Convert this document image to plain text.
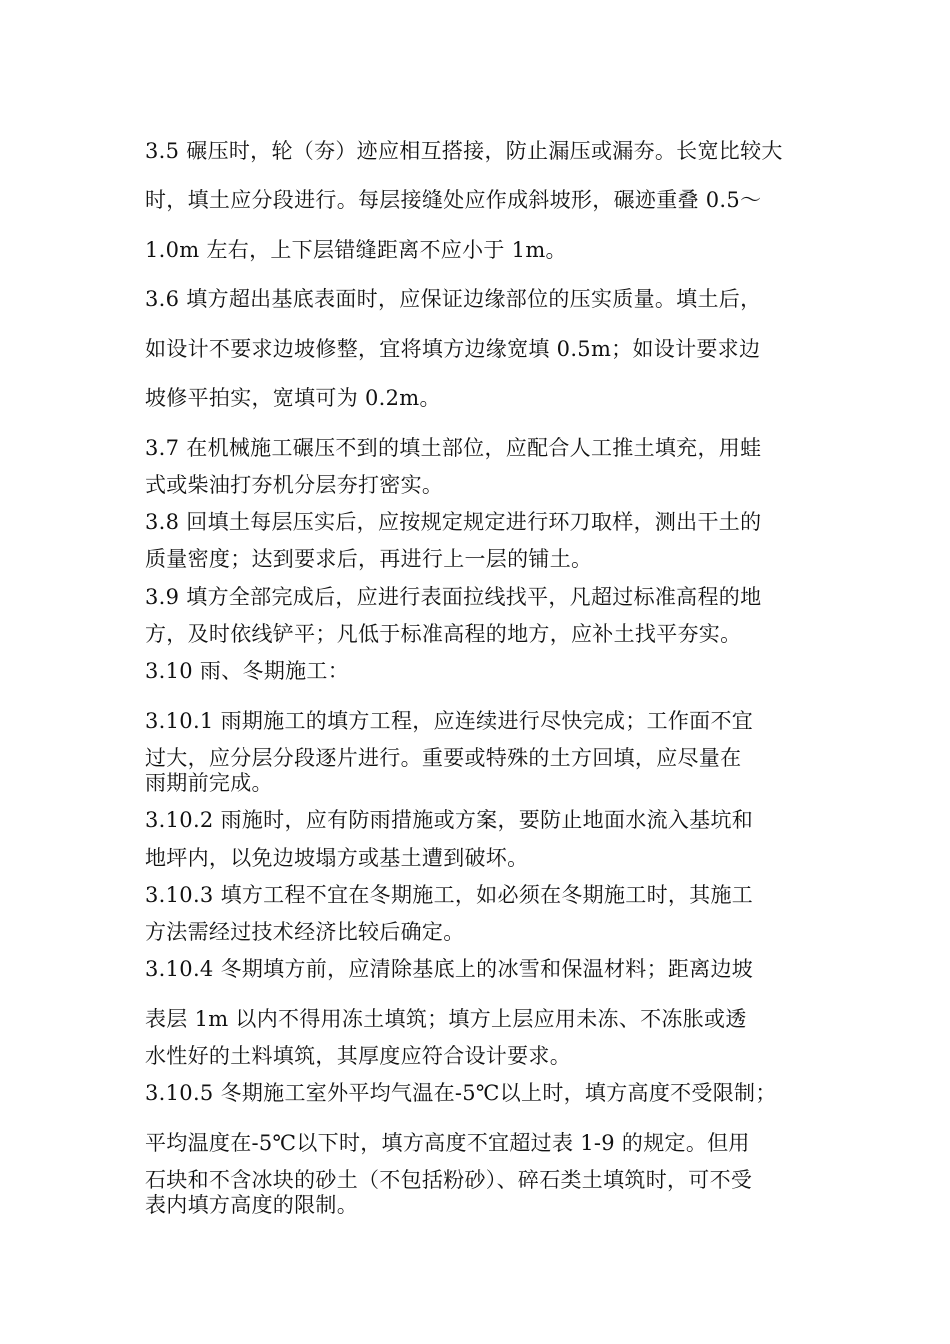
3.5 碾压时，轮（夯）迹应相互搭接，防止漏压或漏夯。长宽比较大
时，填土应分段进行。每层接缝处应作成斜坡形，碾迹重叠 0.5～
1.0m 左右，上下层错缝距离不应小于 1m。
3.6 填方超出基底表面时，应保证边缘部位的压实质量。填土后，
如设计不要求边坡修整，宜将填方边缘宽填 0.5m；如设计要求边
坡修平拍实，宽填可为 0.2m。
3.7 在机械施工碾压不到的填土部位，应配合人工推土填充，用蛙
式或柴油打夯机分层夯打密实。
3.8 回填土每层压实后，应按规定规定进行环刀取样，测出干土的
质量密度；达到要求后，再进行上一层的铺土。
3.9 填方全部完成后，应进行表面拉线找平，凡超过标准高程的地
方，及时依线铲平；凡低于标准高程的地方，应补土找平夯实。
3.10 雨、冬期施工：
3.10.1 雨期施工的填方工程，应连续进行尽快完成；工作面不宜
过大，应分层分段逐片进行。重要或特殊的土方回填，应尽量在
雨期前完成。
3.10.2 雨施时，应有防雨措施或方案，要防止地面水流入基坑和
地坪内，以免边坡塌方或基土遭到破坏。
3.10.3 填方工程不宜在冬期施工，如必须在冬期施工时，其施工
方法需经过技术经济比较后确定。
3.10.4 冬期填方前，应清除基底上的冰雪和保温材料；距离边坡
表层 1m 以内不得用冻土填筑；填方上层应用未冻、不冻胀或透
水性好的土料填筑，其厚度应符合设计要求。
3.10.5 冬期施工室外平均气温在-5℃以上时，填方高度不受限制；
平均温度在-5℃以下时，填方高度不宜超过表 1-9 的规定。但用
石块和不含冰块的砂土（不包括粉砂）、碎石类土填筑时，可不受
表内填方高度的限制。
